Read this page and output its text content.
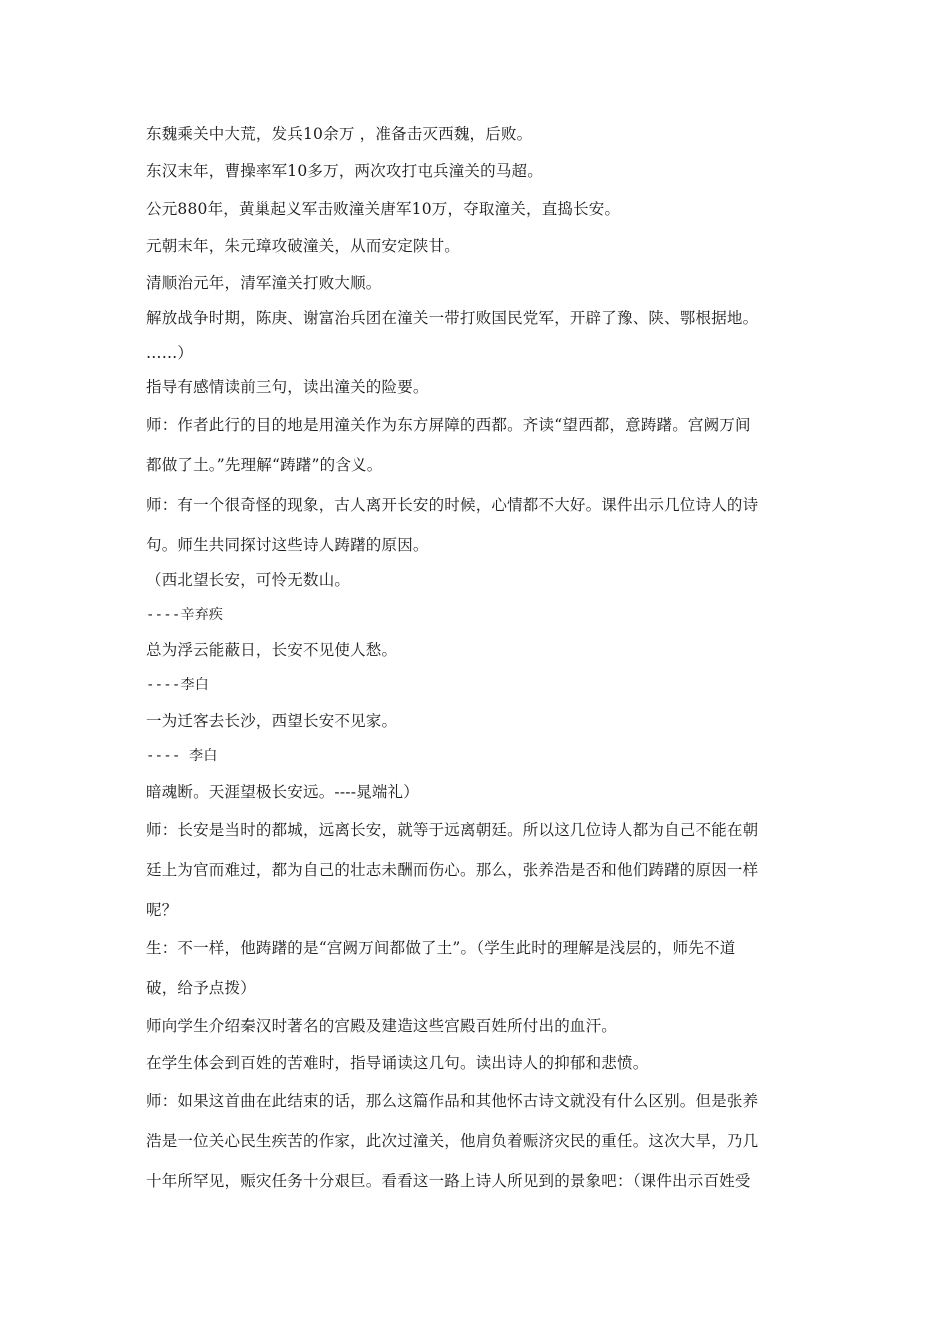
东魏乘关中大荒，发兵10余万 ，准备击灭西魏，后败。
东汉末年，曹操率军10多万，两次攻打屯兵潼关的马超。
公元880年，黄巢起义军击败潼关唐军10万，夺取潼关，直捣长安。
元朝末年，朱元璋攻破潼关，从而安定陕甘。
清顺治元年，清军潼关打败大顺。
解放战争时期，陈庚、谢富治兵团在潼关一带打败国民党军，开辟了豫、陕、鄂根据地。
……）
指导有感情读前三句，读出潼关的险要。
师：作者此行的目的地是用潼关作为东方屏障的西都。齐读“望西都，意踌躇。宫阙万间
都做了土。”先理解“踌躇”的含义。
师：有一个很奇怪的现象，古人离开长安的时候，心情都不大好。课件出示几位诗人的诗
句。师生共同探讨这些诗人踌躇的原因。
（西北望长安，可怜无数山。
----辛弃疾
总为浮云能蔽日，长安不见使人愁。
----李白
一为迁客去长沙，西望长安不见家。
---- 李白
暗魂断。天涯望极长安远。----晁端礼）
师：长安是当时的都城，远离长安，就等于远离朝廷。所以这几位诗人都为自己不能在朝
廷上为官而难过，都为自己的壮志未酬而伤心。那么，张养浩是否和他们踌躇的原因一样
呢？
生：不一样，他踌躇的是“宫阙万间都做了土”。（学生此时的理解是浅层的，师先不道
破，给予点拨）
师向学生介绍秦汉时著名的宫殿及建造这些宫殿百姓所付出的血汗。
在学生体会到百姓的苦难时，指导诵读这几句。读出诗人的抑郁和悲愤。
师：如果这首曲在此结束的话，那么这篇作品和其他怀古诗文就没有什么区别。但是张养
浩是一位关心民生疾苦的作家，此次过潼关，他肩负着赈济灾民的重任。这次大旱，乃几
十年所罕见，赈灾任务十分艰巨。看看这一路上诗人所见到的景象吧：（课件出示百姓受
